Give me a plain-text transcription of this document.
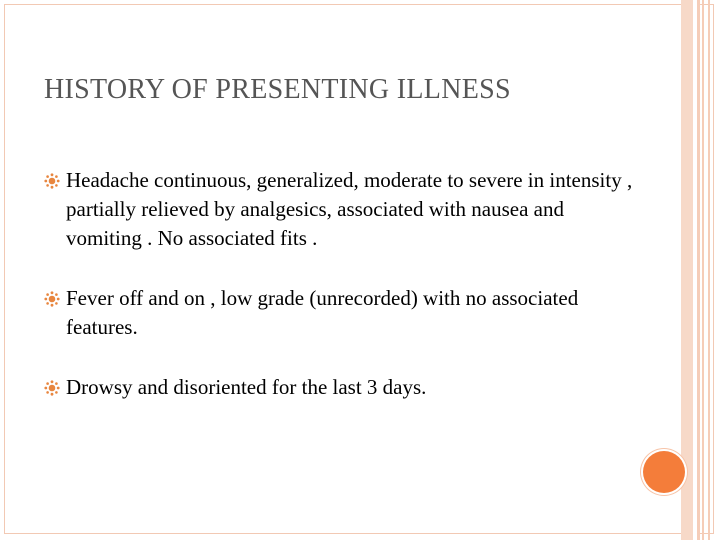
HISTORY OF PRESENTING ILLNESS
Headache continuous, generalized, moderate to severe in intensity , partially relieved by analgesics, associated with nausea and vomiting . No associated fits .
Fever off and on , low grade (unrecorded) with no associated features.
Drowsy and disoriented for the last 3 days.
